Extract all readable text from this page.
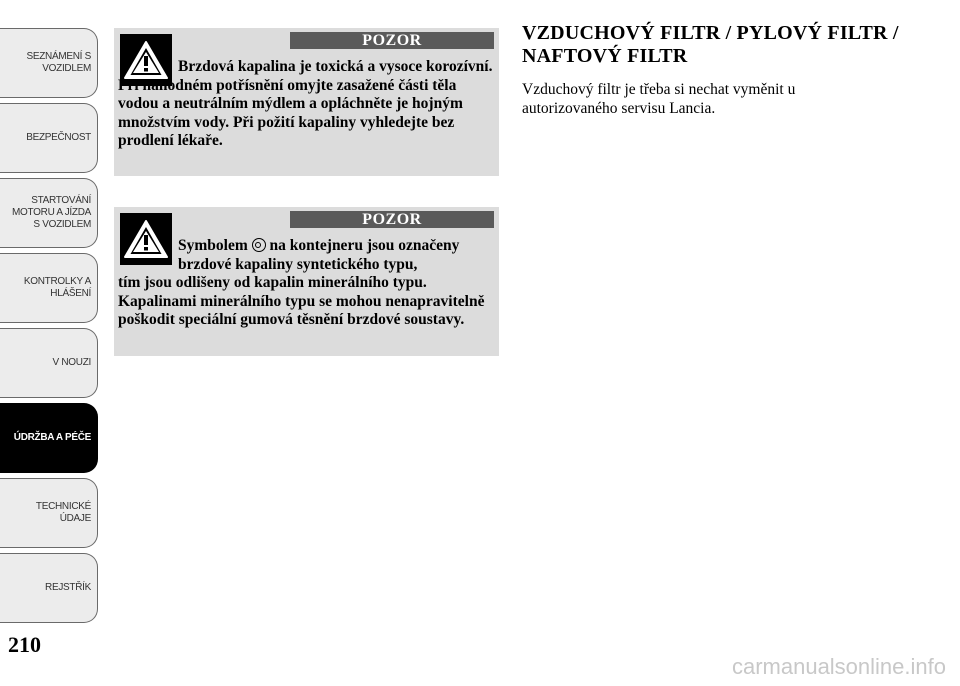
SEZNÁMENÍ S
VOZIDLEM
BEZPEČNOST
STARTOVÁNÍ
MOTORU A JÍZDA
S VOZIDLEM
KONTROLKY A
HLÁŠENÍ
V NOUZI
ÚDRŽBA A PÉČE
TECHNICKÉ
ÚDAJE
REJSTŘÍK
210
POZOR
Brzdová kapalina je toxická a vysoce korozívní.
Při náhodném potřísnění omyjte zasažené části těla vodou a neutrálním mýdlem a opláchněte je hojným množstvím vody. Při požití kapaliny vyhledejte bez prodlení lékaře.
POZOR
Symbolem na kontejneru jsou označeny brzdové kapaliny syntetického typu,
tím jsou odlišeny od kapalin minerálního typu. Kapalinami minerálního typu se mohou nenapravitelně poškodit speciální gumová těsnění brzdové soustavy.
VZDUCHOVÝ FILTR / PYLOVÝ FILTR / NAFTOVÝ FILTR
Vzduchový filtr je třeba si nechat vyměnit u autorizovaného servisu Lancia.
carmanualsonline.info
